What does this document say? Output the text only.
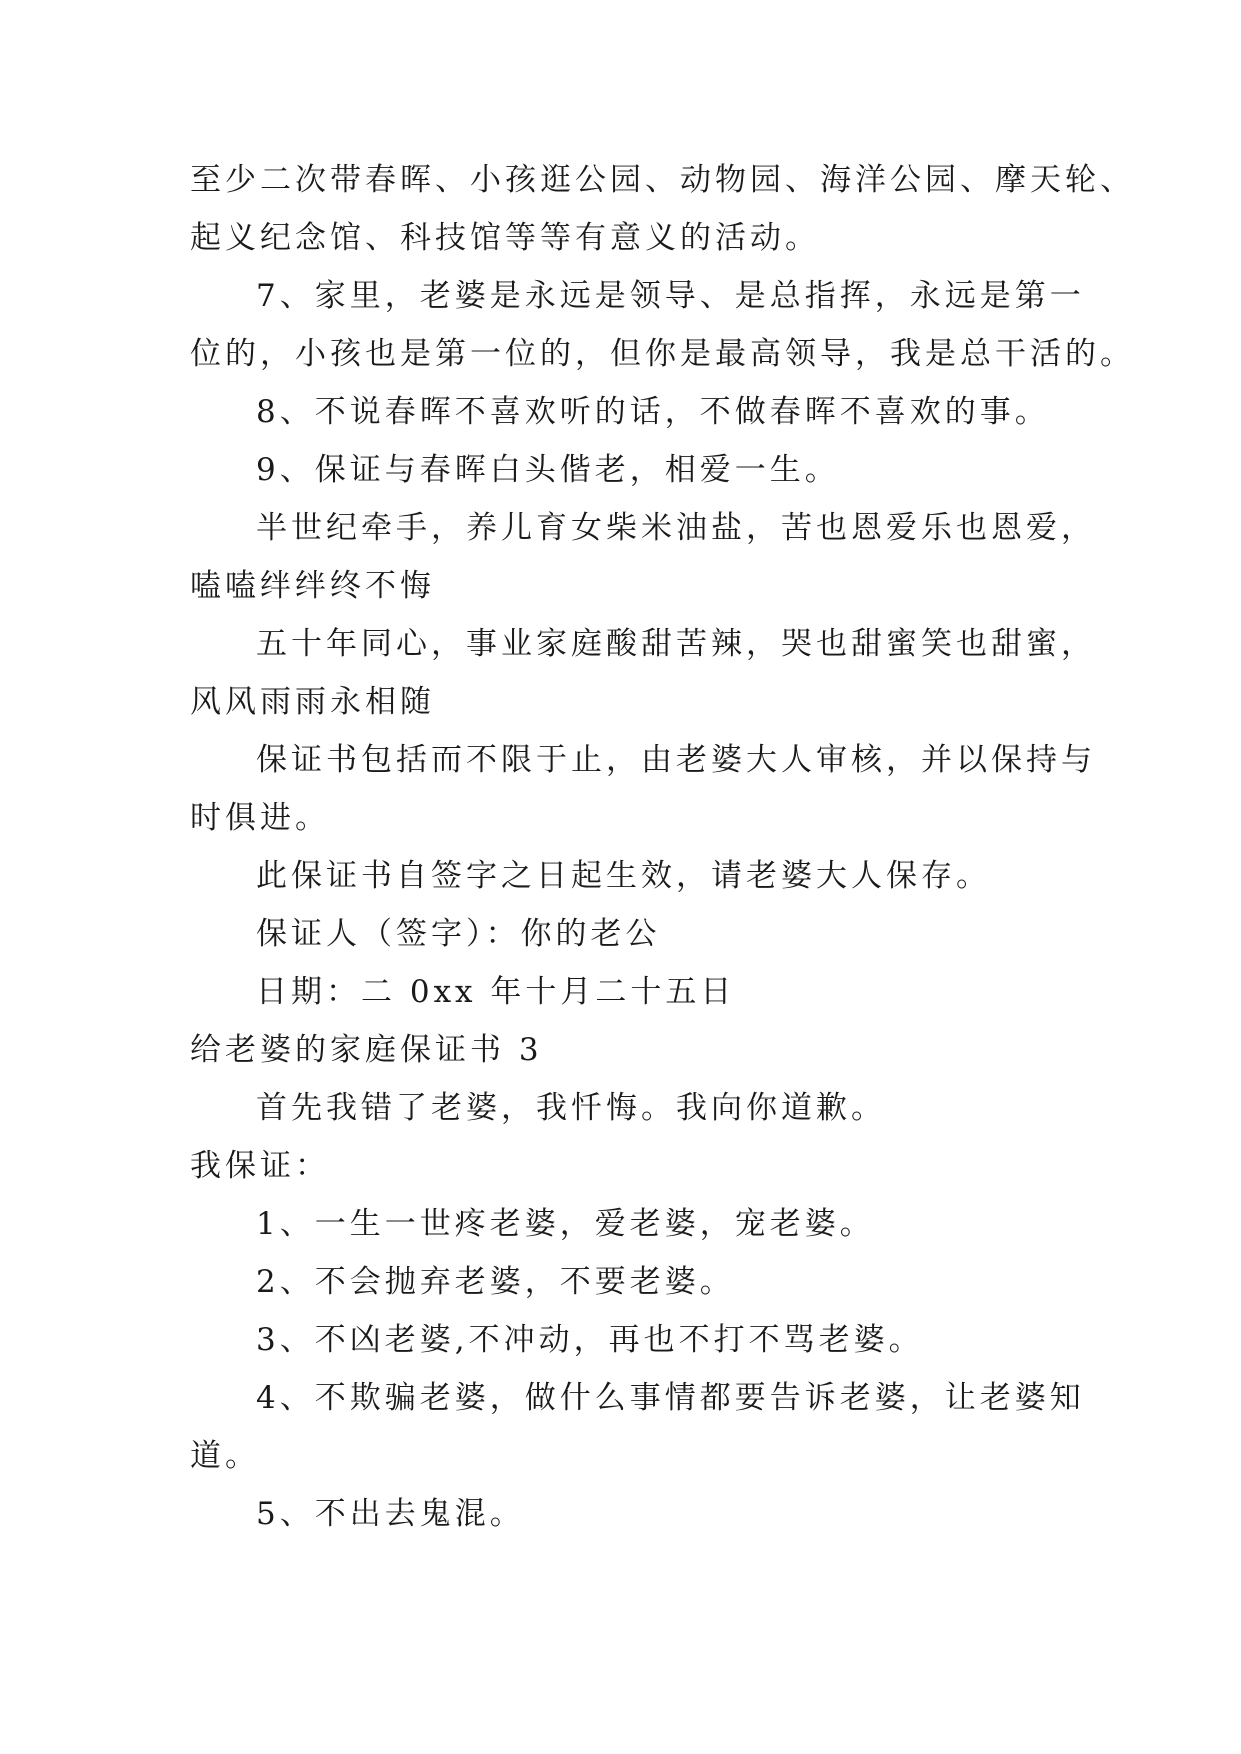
至少二次带春晖、小孩逛公园、动物园、海洋公园、摩天轮、
起义纪念馆、科技馆等等有意义的活动。
7、家里，老婆是永远是领导、是总指挥，永远是第一
位的，小孩也是第一位的，但你是最高领导，我是总干活的。
8、不说春晖不喜欢听的话，不做春晖不喜欢的事。
9、保证与春晖白头偕老，相爱一生。
半世纪牵手，养儿育女柴米油盐，苦也恩爱乐也恩爱，
嗑嗑绊绊终不悔
五十年同心，事业家庭酸甜苦辣，哭也甜蜜笑也甜蜜，
风风雨雨永相随
保证书包括而不限于止，由老婆大人审核，并以保持与
时俱进。
此保证书自签字之日起生效，请老婆大人保存。
保证人（签字）：你的老公
日期：二 0xx 年十月二十五日
给老婆的家庭保证书 3
首先我错了老婆，我忏悔。我向你道歉。
我保证：
1、一生一世疼老婆，爱老婆，宠老婆。
2、不会抛弃老婆，不要老婆。
3、不凶老婆,不冲动，再也不打不骂老婆。
4、不欺骗老婆，做什么事情都要告诉老婆，让老婆知
道。
5、不出去鬼混。
